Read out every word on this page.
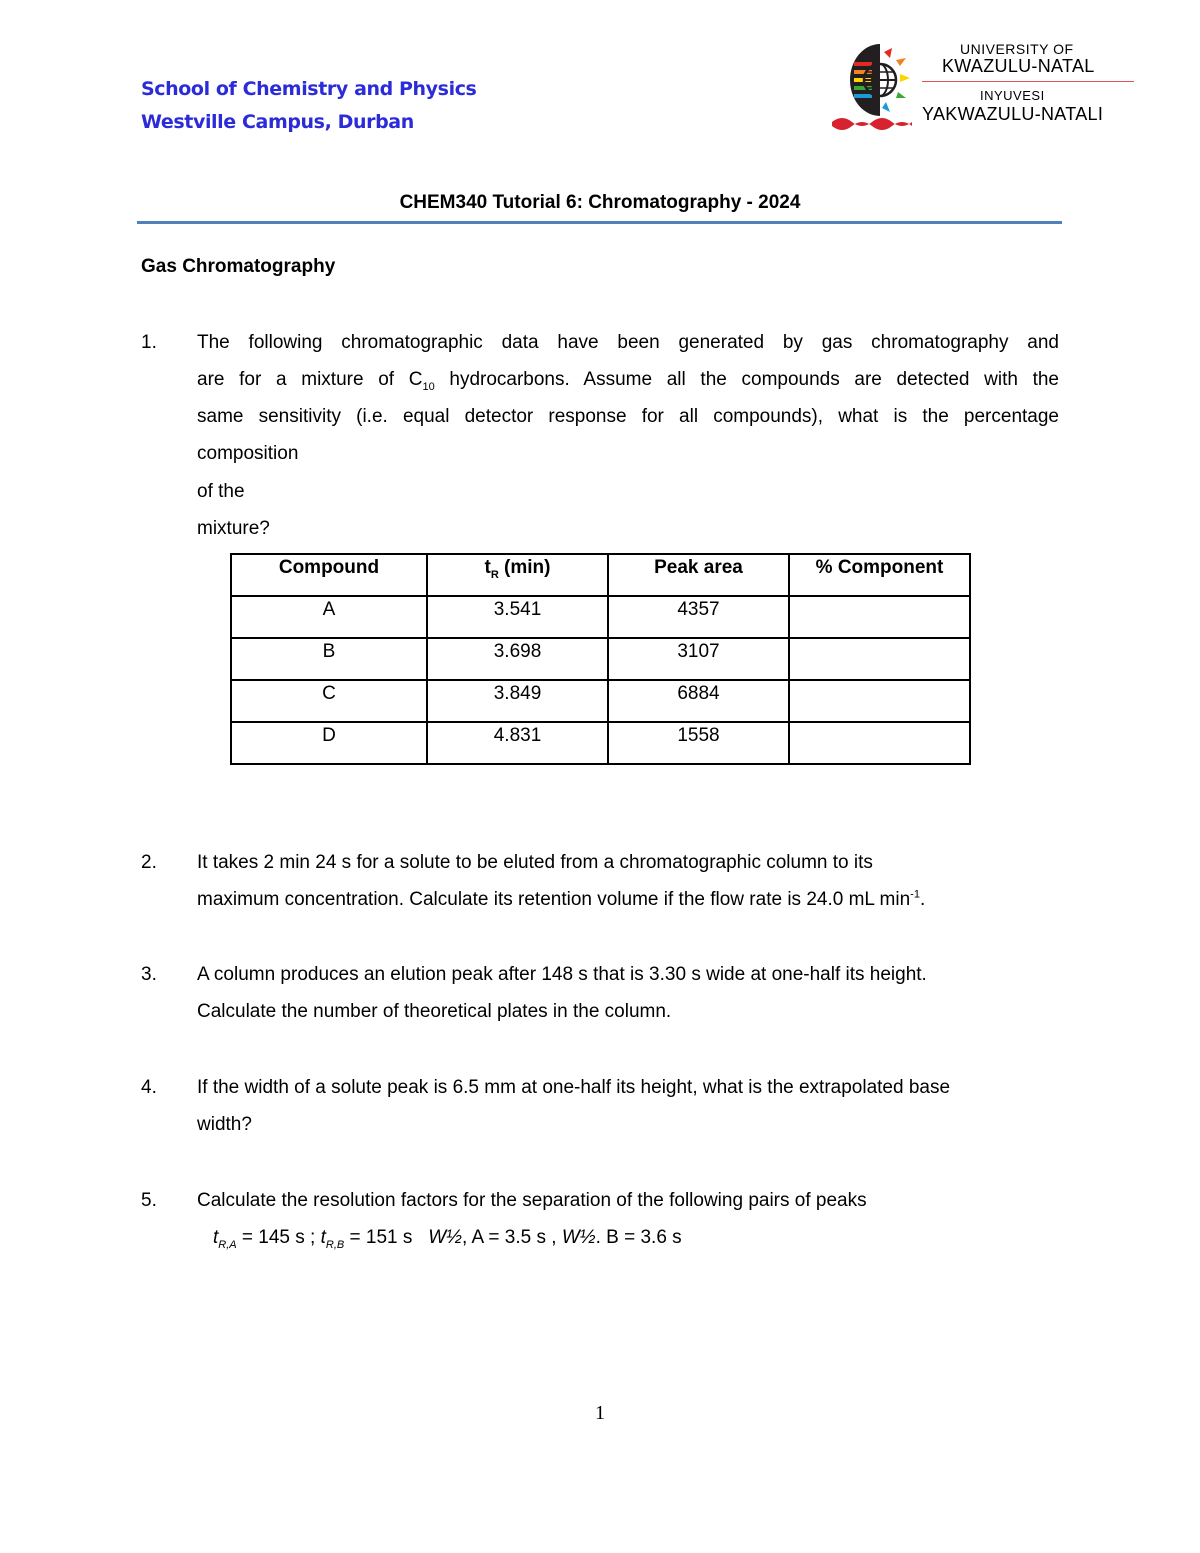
School of Chemistry and Physics
Westville Campus, Durban
UNIVERSITY OF
KWAZULU-NATAL
INYUVESI
YAKWAZULU-NATALI
CHEM340 Tutorial 6: Chromatography - 2024
Gas Chromatography
1. The following chromatographic data have been generated by gas chromatography and
are for a mixture of $C_{10}$ hydrocarbons. Assume all the compounds are detected with the
same sensitivity (i.e. equal detector response for all compounds), what is the percentage
composition of the mixture?
Compound	$t_R$ (min)	Peak area	% Component
A	3.541	4357	
B	3.698	3107	
C	3.849	6884	
D	4.831	1558	
2. It takes 2 min 24 s for a solute to be eluted from a chromatographic column to its
maximum concentration. Calculate its retention volume if the flow rate is 24.0 mL $\min^{-1}$.
3. A column produces an elution peak after 148 s that is 3.30 s wide at one-half its height.
Calculate the number of theoretical plates in the column.
4. If the width of a solute peak is 6.5 mm at one-half its height, what is the extrapolated base
width?
5. Calculate the resolution factors for the separation of the following pairs of peaks
$t_{R,A} = 145$ s ; $t_{R,B} = 151$ s   W½, A = 3.5 s , W½. B = 3.6 s
1
